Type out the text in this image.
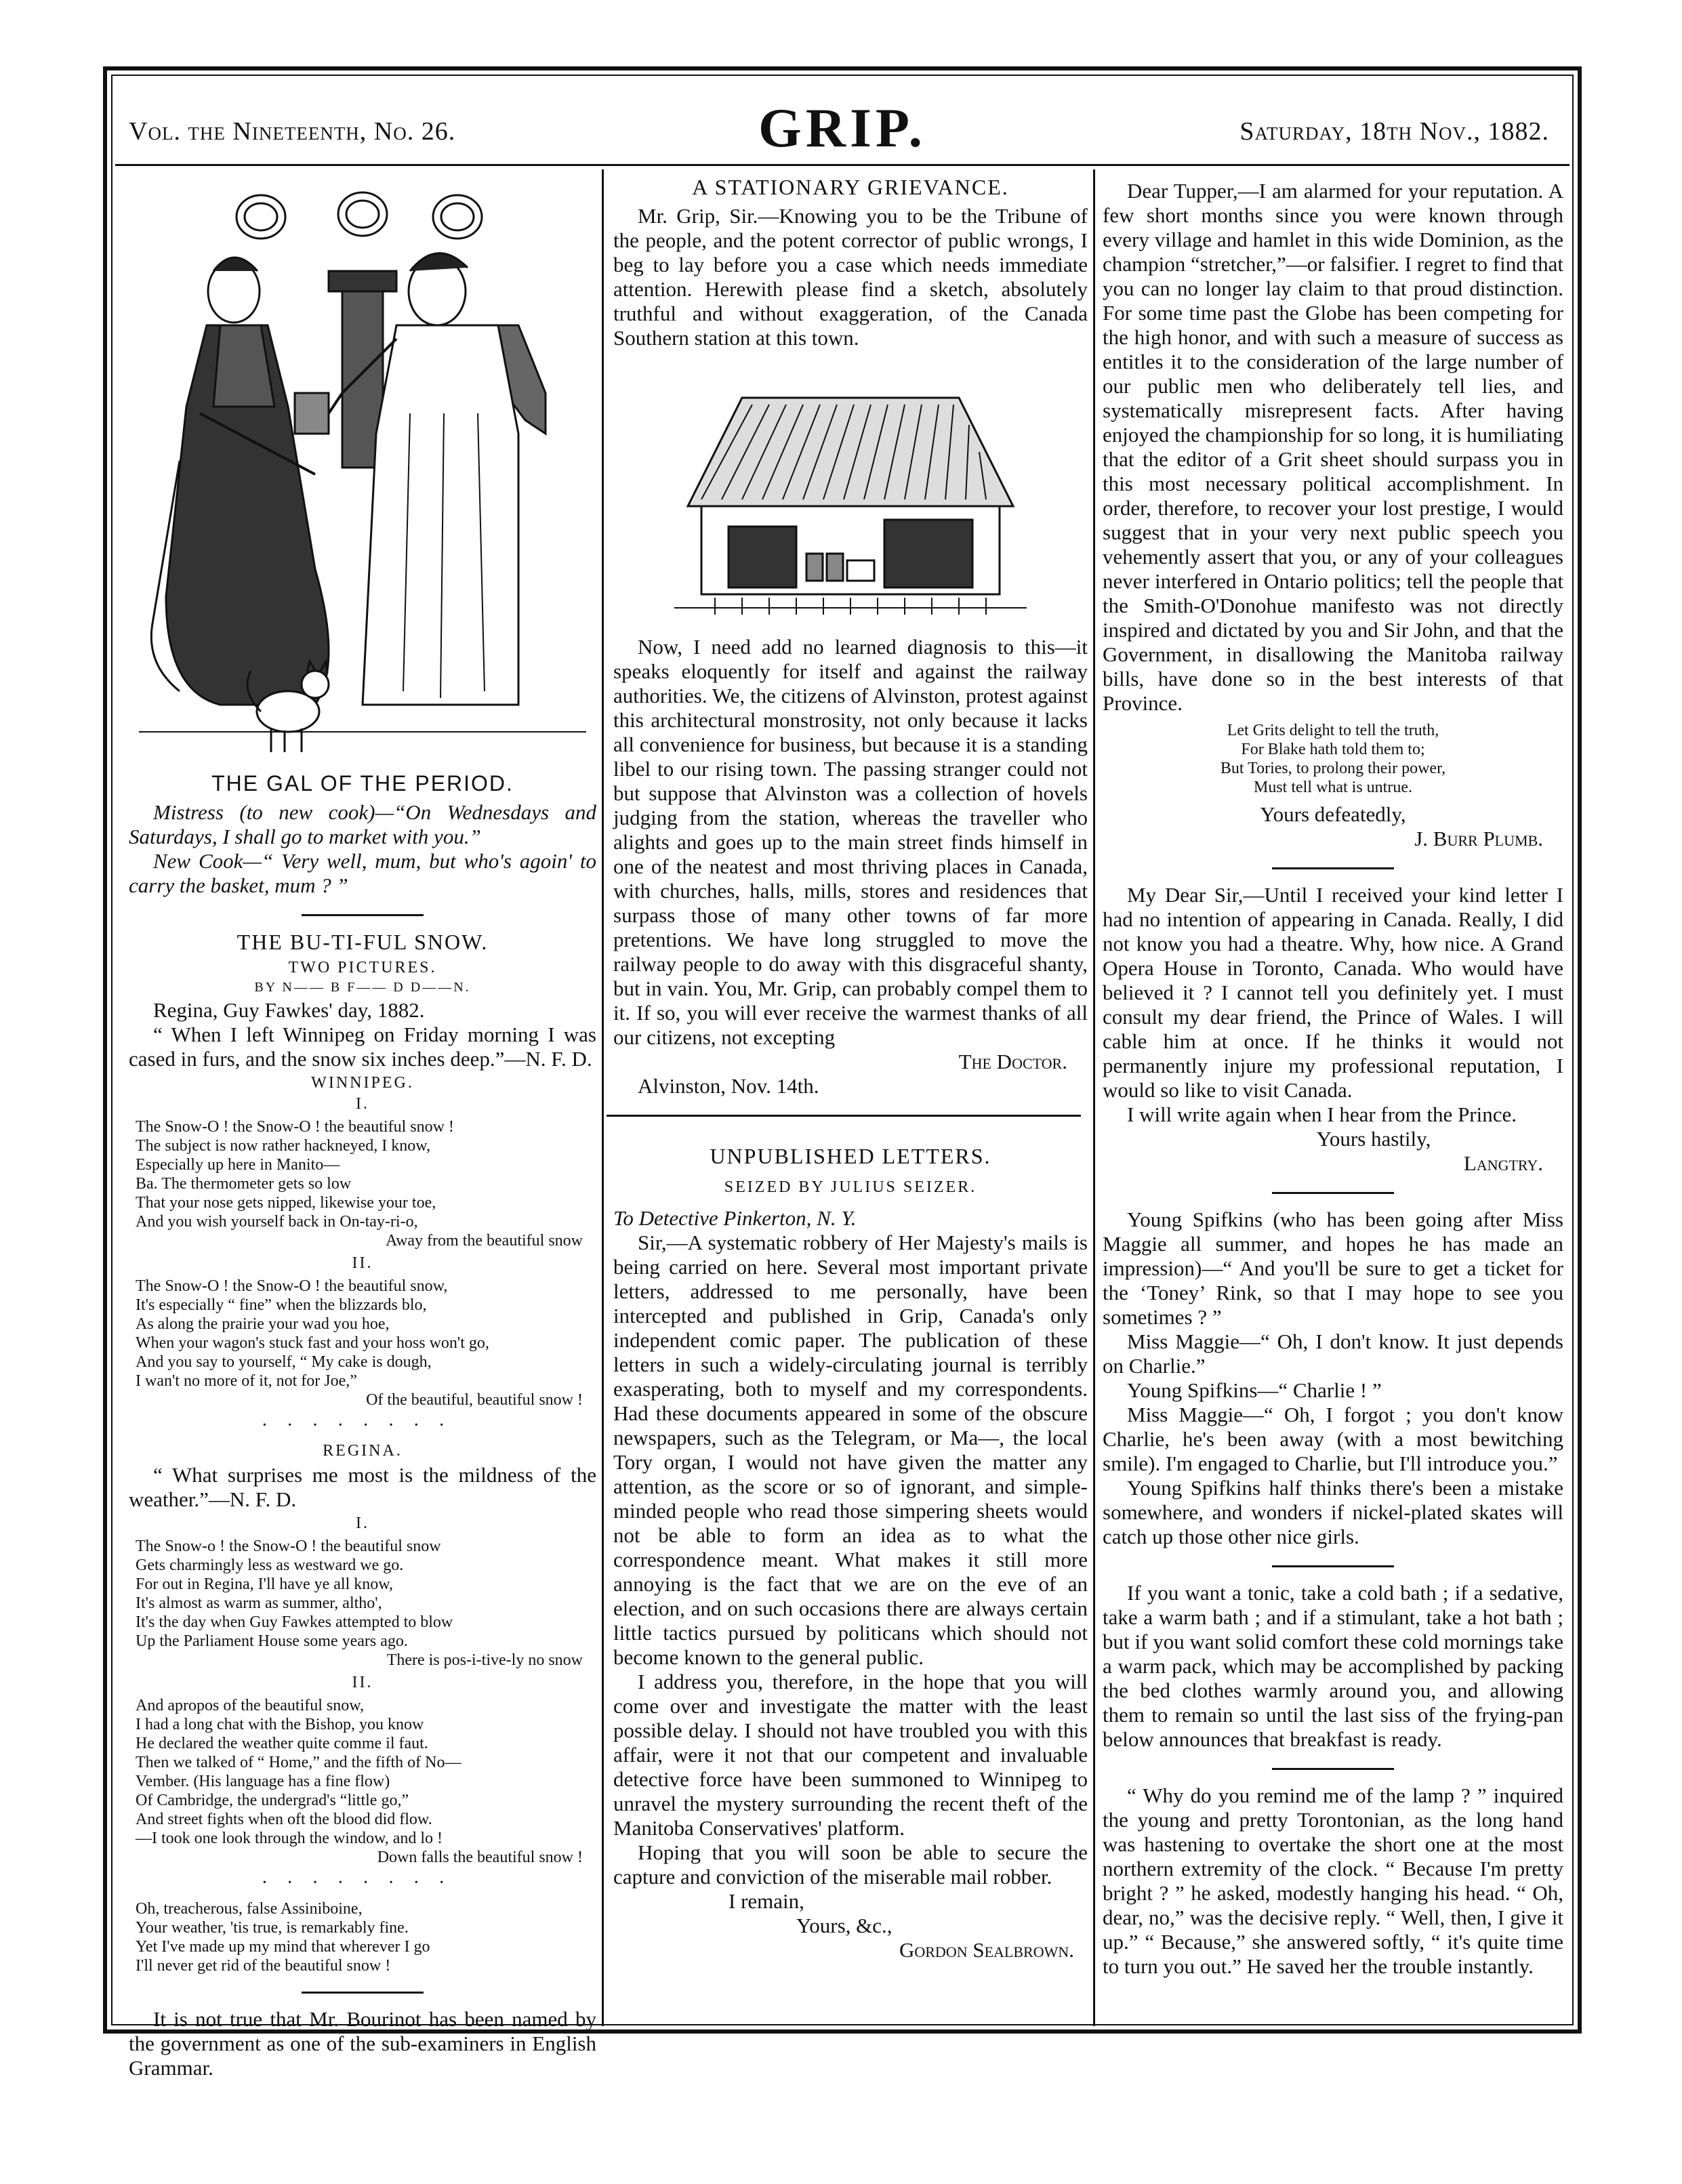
Vol. the Nineteenth, No. 26.	GRIP.	Saturday, 18th Nov., 1882.
THE GAL OF THE PERIOD.

Mistress (to new cook)—“On Wednesdays and Saturdays, I shall go to market with you.”

New Cook—“ Very well, mum, but who's agoin' to carry the basket, mum ? ”

THE BU-TI-FUL SNOW.
TWO PICTURES.
BY N—— B F—— D D——N.

Regina, Guy Fawkes' day, 1882.

“ When I left Winnipeg on Friday morning I was cased in furs, and the snow six inches deep.”—N. F. D.

WINNIPEG.
I.
The Snow-O ! the Snow-O ! the beautiful snow !
The subject is now rather hackneyed, I know,
Especially up here in Manito—
Ba. The thermometer gets so low
That your nose gets nipped, likewise your toe,
And you wish yourself back in On-tay-ri-o,
Away from the beautiful snow
II.
The Snow-O ! the Snow-O ! the beautiful snow,
It's especially “ fine” when the blizzards blo,
As along the prairie your wad you hoe,
When your wagon's stuck fast and your hoss won't go,
And you say to yourself, “ My cake is dough,
I wan't no more of it, not for Joe,”
Of the beautiful, beautiful snow !
········
REGINA.

“ What surprises me most is the mildness of the weather.”—N. F. D.

I.
The Snow-o ! the Snow-O ! the beautiful snow
Gets charmingly less as westward we go.
For out in Regina, I'll have ye all know,
It's almost as warm as summer, altho',
It's the day when Guy Fawkes attempted to blow
Up the Parliament House some years ago.
There is pos-i-tive-ly no snow
II.
And apropos of the beautiful snow,
I had a long chat with the Bishop, you know
He declared the weather quite comme il faut.
Then we talked of “ Home,” and the fifth of No—
Vember. (His language has a fine flow)
Of Cambridge, the undergrad's “little go,”
And street fights when oft the blood did flow.
—I took one look through the window, and lo !
Down falls the beautiful snow !
········
Oh, treacherous, false Assiniboine,
Your weather, 'tis true, is remarkably fine.
Yet I've made up my mind that wherever I go
I'll never get rid of the beautiful snow !

It is not true that Mr. Bourinot has been named by the government as one of the sub-examiners in English Grammar.

A STATIONARY GRIEVANCE.

Mr. Grip, Sir.—Knowing you to be the Tribune of the people, and the potent corrector of public wrongs, I beg to lay before you a case which needs immediate attention. Herewith please find a sketch, absolutely truthful and without exaggeration, of the Canada Southern station at this town.

Now, I need add no learned diagnosis to this—it speaks eloquently for itself and against the railway authorities. We, the citizens of Alvinston, protest against this architectural monstrosity, not only because it lacks all convenience for business, but because it is a standing libel to our rising town. The passing stranger could not but suppose that Alvinston was a collection of hovels judging from the station, whereas the traveller who alights and goes up to the main street finds himself in one of the neatest and most thriving places in Canada, with churches, halls, mills, stores and residences that surpass those of many other towns of far more pretentions. We have long struggled to move the railway people to do away with this disgraceful shanty, but in vain. You, Mr. Grip, can probably compel them to it. If so, you will ever receive the warmest thanks of all our citizens, not excepting

The Doctor.

Alvinston, Nov. 14th.

UNPUBLISHED LETTERS.
SEIZED BY JULIUS SEIZER.

To Detective Pinkerton, N. Y.

Sir,—A systematic robbery of Her Majesty's mails is being carried on here. Several most important private letters, addressed to me personally, have been intercepted and published in Grip, Canada's only independent comic paper. The publication of these letters in such a widely-circulating journal is terribly exasperating, both to myself and my correspondents. Had these documents appeared in some of the obscure newspapers, such as the Telegram, or Ma—, the local Tory organ, I would not have given the matter any attention, as the score or so of ignorant, and simple-minded people who read those simpering sheets would not be able to form an idea as to what the correspondence meant. What makes it still more annoying is the fact that we are on the eve of an election, and on such occasions there are always certain little tactics pursued by politicans which should not become known to the general public.

I address you, therefore, in the hope that you will come over and investigate the matter with the least possible delay. I should not have troubled you with this affair, were it not that our competent and invaluable detective force have been summoned to Winnipeg to unravel the mystery surrounding the recent theft of the Manitoba Conservatives' platform.

Hoping that you will soon be able to secure the capture and conviction of the miserable mail robber.

I remain,

Yours, &c.,

Gordon Sealbrown.

Dear Tupper,—I am alarmed for your reputation. A few short months since you were known through every village and hamlet in this wide Dominion, as the champion “stretcher,”—or falsifier. I regret to find that you can no longer lay claim to that proud distinction. For some time past the Globe has been competing for the high honor, and with such a measure of success as entitles it to the consideration of the large number of our public men who deliberately tell lies, and systematically misrepresent facts. After having enjoyed the championship for so long, it is humiliating that the editor of a Grit sheet should surpass you in this most necessary political accomplishment. In order, therefore, to recover your lost prestige, I would suggest that in your very next public speech you vehemently assert that you, or any of your colleagues never interfered in Ontario politics; tell the people that the Smith-O'Donohue manifesto was not directly inspired and dictated by you and Sir John, and that the Government, in disallowing the Manitoba railway bills, have done so in the best interests of that Province.

Let Grits delight to tell the truth,
For Blake hath told them to;
But Tories, to prolong their power,
Must tell what is untrue.

Yours defeatedly,

J. Burr Plumb.

My Dear Sir,—Until I received your kind letter I had no intention of appearing in Canada. Really, I did not know you had a theatre. Why, how nice. A Grand Opera House in Toronto, Canada. Who would have believed it ? I cannot tell you definitely yet. I must consult my dear friend, the Prince of Wales. I will cable him at once. If he thinks it would not permanently injure my professional reputation, I would so like to visit Canada.

I will write again when I hear from the Prince.

Yours hastily,

Langtry.

Young Spifkins (who has been going after Miss Maggie all summer, and hopes he has made an impression)—“ And you'll be sure to get a ticket for the ‘Toney’ Rink, so that I may hope to see you sometimes ? ”

Miss Maggie—“ Oh, I don't know. It just depends on Charlie.”

Young Spifkins—“ Charlie ! ”

Miss Maggie—“ Oh, I forgot ; you don't know Charlie, he's been away (with a most bewitching smile). I'm engaged to Charlie, but I'll introduce you.”

Young Spifkins half thinks there's been a mistake somewhere, and wonders if nickel-plated skates will catch up those other nice girls.

If you want a tonic, take a cold bath ; if a sedative, take a warm bath ; and if a stimulant, take a hot bath ; but if you want solid comfort these cold mornings take a warm pack, which may be accomplished by packing the bed clothes warmly around you, and allowing them to remain so until the last siss of the frying-pan below announces that breakfast is ready.

“ Why do you remind me of the lamp ? ” inquired the young and pretty Torontonian, as the long hand was hastening to overtake the short one at the most northern extremity of the clock. “ Because I'm pretty bright ? ” he asked, modestly hanging his head. “ Oh, dear, no,” was the decisive reply. “ Well, then, I give it up.” “ Because,” she answered softly, “ it's quite time to turn you out.” He saved her the trouble instantly.
